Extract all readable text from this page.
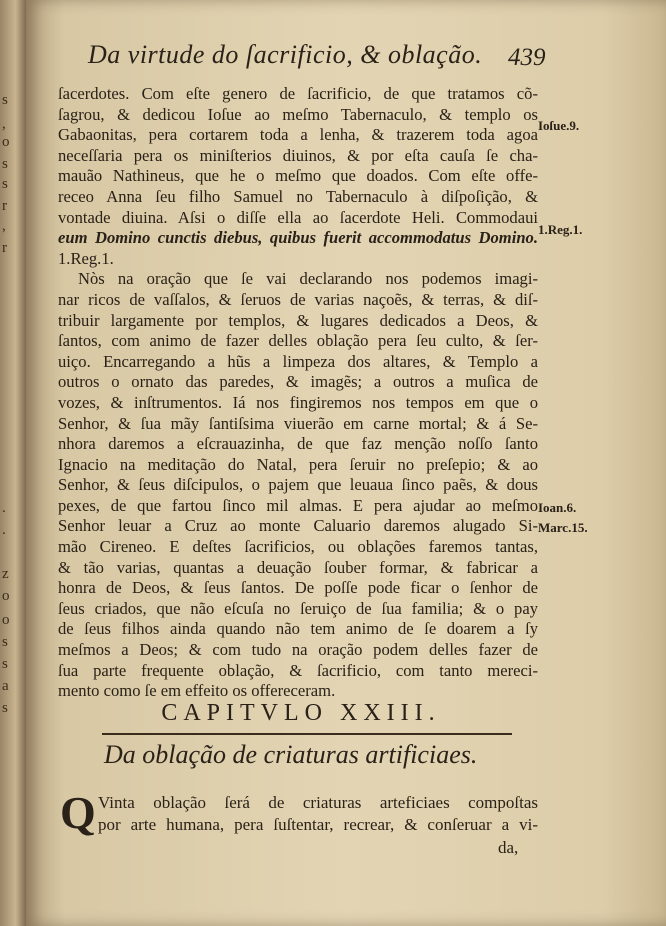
s
,
o
s
s
r
,
r
.
.
z
o
o
s
s
a
s
Da virtude do ſacrificio, & oblação.	439
ſacerdotes. Com eſte genero de ſacrificio, de que tratamos cõ-
ſagrou, & dedicou Ioſue ao meſmo Tabernaculo, & templo os
Gabaonitas, pera cortarem toda a lenha, & trazerem toda agoa
neceſſaria pera os miniſterios diuinos, & por eſta cauſa ſe cha-
mauão Nathineus, que he o meſmo que doados. Com eſte offe-
receo Anna ſeu filho Samuel no Tabernaculo à diſpoſição, &
vontade diuina. Aſsi o diſſe ella ao ſacerdote Heli. Commodaui
eum Domino cunctis diebus, quibus fuerit accommodatus Domino.
1.Reg.1.
Nòs na oração que ſe vai declarando nos podemos imagi-
nar ricos de vaſſalos, & ſeruos de varias naçoẽs, & terras, & diſ-
tribuir largamente por templos, & lugares dedicados a Deos, &
ſantos, com animo de fazer delles oblação pera ſeu culto, & ſer-
uiço. Encarregando a hũs a limpeza dos altares, & Templo a
outros o ornato das paredes, & imagẽs; a outros a muſica de
vozes, & inſtrumentos. Iá nos fingiremos nos tempos em que o
Senhor, & ſua mãy ſantiſsima viuerão em carne mortal; & á Se-
nhora daremos a eſcrauazinha, de que faz menção noſſo ſanto
Ignacio na meditação do Natal, pera ſeruir no preſepio; & ao
Senhor, & ſeus diſcipulos, o pajem que leuaua ſinco paẽs, & dous
pexes, de que fartou ſinco mil almas. E pera ajudar ao meſmo
Senhor leuar a Cruz ao monte Caluario daremos alugado Si-
mão Cireneo. E deſtes ſacrificios, ou oblações faremos tantas,
& tão varias, quantas a deuação ſouber formar, & fabricar a
honra de Deos, & ſeus ſantos. De poſſe pode ficar o ſenhor de
ſeus criados, que não eſcuſa no ſeruiço de ſua familia; & o pay
de ſeus filhos ainda quando não tem animo de ſe doarem a ſy
meſmos a Deos; & com tudo na oração podem delles fazer de
ſua parte frequente oblação, & ſacrificio, com tanto mereci-
mento como ſe em effeito os offereceram.
Ioſue.9.
1.Reg.1.
Ioan.6.
Marc.15.
CAPITVLO XXIII.
Da oblação de criaturas artificiaes.
Q Vinta oblação ſerá de criaturas arteficiaes compoſtas
por arte humana, pera ſuſtentar, recrear, & conſeruar a vi-
da,
